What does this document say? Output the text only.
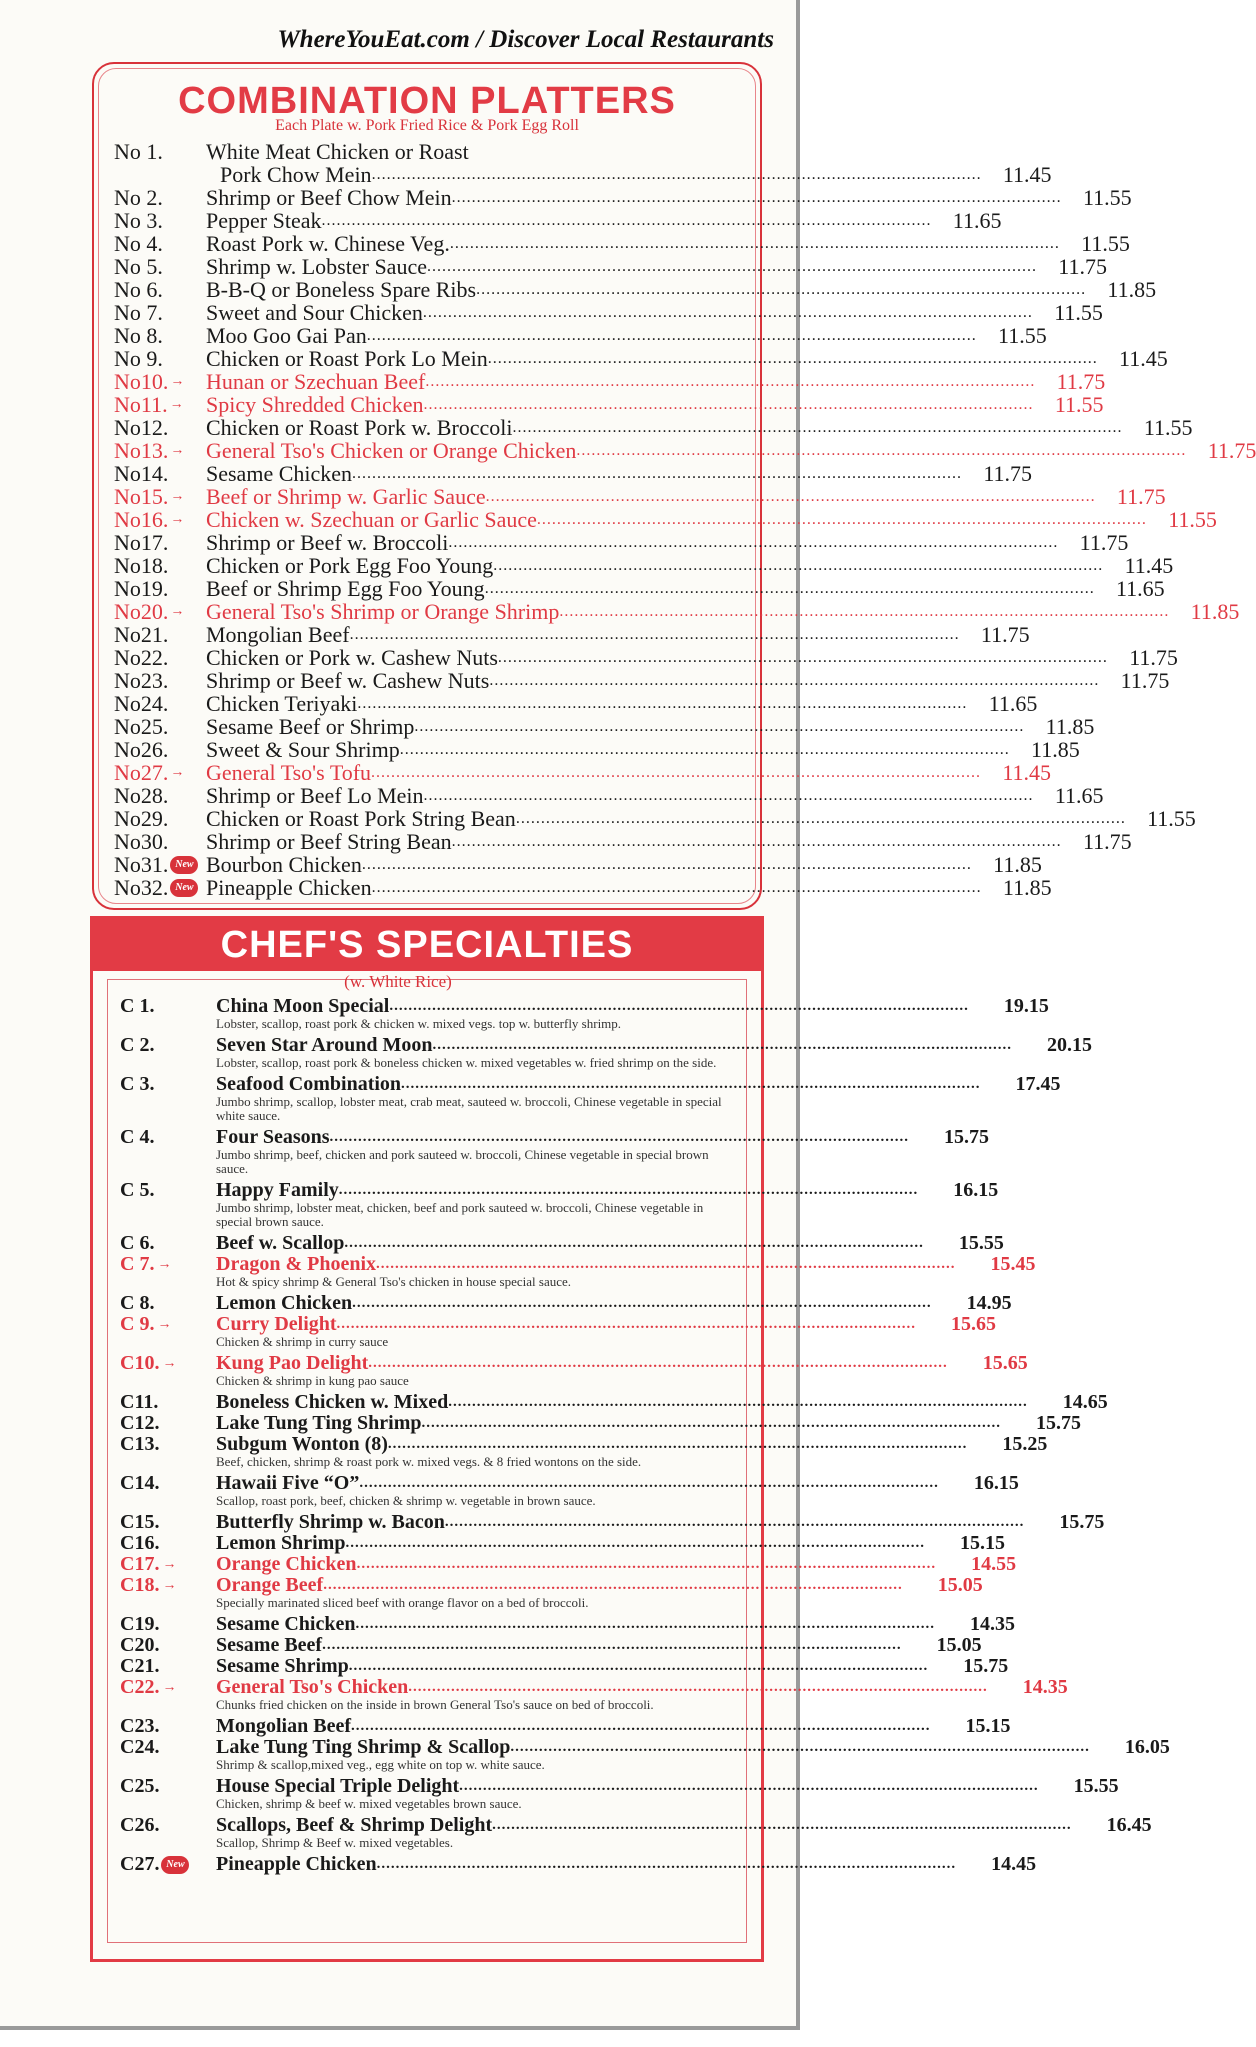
WhereYouEat.com / Discover Local Restaurants
COMBINATION PLATTERS
Each Plate w. Pork Fried Rice & Pork Egg Roll
No 1. White Meat Chicken or Roast
Pork Chow Mein .......................................................................................................................... 11.45
No 2. Shrimp or Beef Chow Mein .......................................................................................................................... 11.55
No 3. Pepper Steak .......................................................................................................................... 11.65
No 4. Roast Pork w. Chinese Veg. .......................................................................................................................... 11.55
No 5. Shrimp w. Lobster Sauce .......................................................................................................................... 11.75
No 6. B-B-Q or Boneless Spare Ribs .......................................................................................................................... 11.85
No 7. Sweet and Sour Chicken .......................................................................................................................... 11.55
No 8. Moo Goo Gai Pan .......................................................................................................................... 11.55
No 9. Chicken or Roast Pork Lo Mein .......................................................................................................................... 11.45
No10. → Hunan or Szechuan Beef .......................................................................................................................... 11.75
No11. → Spicy Shredded Chicken .......................................................................................................................... 11.55
No12. Chicken or Roast Pork w. Broccoli .......................................................................................................................... 11.55
No13. → General Tso's Chicken or Orange Chicken .......................................................................................................................... 11.75
No14. Sesame Chicken .......................................................................................................................... 11.75
No15. → Beef or Shrimp w. Garlic Sauce .......................................................................................................................... 11.75
No16. → Chicken w. Szechuan or Garlic Sauce .......................................................................................................................... 11.55
No17. Shrimp or Beef w. Broccoli .......................................................................................................................... 11.75
No18. Chicken or Pork Egg Foo Young .......................................................................................................................... 11.45
No19. Beef or Shrimp Egg Foo Young .......................................................................................................................... 11.65
No20. → General Tso's Shrimp or Orange Shrimp .......................................................................................................................... 11.85
No21. Mongolian Beef .......................................................................................................................... 11.75
No22. Chicken or Pork w. Cashew Nuts .......................................................................................................................... 11.75
No23. Shrimp or Beef w. Cashew Nuts .......................................................................................................................... 11.75
No24. Chicken Teriyaki .......................................................................................................................... 11.65
No25. Sesame Beef or Shrimp .......................................................................................................................... 11.85
No26. Sweet & Sour Shrimp .......................................................................................................................... 11.85
No27. → General Tso's Tofu .......................................................................................................................... 11.45
No28. Shrimp or Beef Lo Mein .......................................................................................................................... 11.65
No29. Chicken or Roast Pork String Bean .......................................................................................................................... 11.55
No30. Shrimp or Beef String Bean .......................................................................................................................... 11.75
No31. New Bourbon Chicken .......................................................................................................................... 11.85
No32. New Pineapple Chicken .......................................................................................................................... 11.85
CHEF'S SPECIALTIES
(w. White Rice)
C 1.	China Moon Special ..........................................................................................................................	19.15
Lobster, scallop, roast pork & chicken w. mixed vegs. top w. butterfly shrimp.
C 2.	Seven Star Around Moon ..........................................................................................................................	20.15
Lobster, scallop, roast pork & boneless chicken w. mixed vegetables w. fried shrimp on the side.
C 3.	Seafood Combination ..........................................................................................................................	17.45
Jumbo shrimp, scallop, lobster meat, crab meat, sauteed w. broccoli, Chinese vegetable in special white sauce.
C 4.	Four Seasons ..........................................................................................................................	15.75
Jumbo shrimp, beef, chicken and pork sauteed w. broccoli, Chinese vegetable in special brown sauce.
C 5.	Happy Family ..........................................................................................................................	16.15
Jumbo shrimp, lobster meat, chicken, beef and pork sauteed w. broccoli, Chinese vegetable in special brown sauce.
C 6.	Beef w. Scallop ..........................................................................................................................	15.55
C 7. → Dragon & Phoenix ..........................................................................................................................	15.45
Hot & spicy shrimp & General Tso's chicken in house special sauce.
C 8.	Lemon Chicken ..........................................................................................................................	14.95
C 9. → Curry Delight ..........................................................................................................................	15.65
Chicken & shrimp in curry sauce
C10. → Kung Pao Delight ..........................................................................................................................	15.65
Chicken & shrimp in kung pao sauce
C11.	Boneless Chicken w. Mixed ..........................................................................................................................	14.65
C12.	Lake Tung Ting Shrimp ..........................................................................................................................	15.75
C13.	Subgum Wonton (8) ..........................................................................................................................	15.25
Beef, chicken, shrimp & roast pork w. mixed vegs. & 8 fried wontons on the side.
C14.	Hawaii Five “O” ..........................................................................................................................	16.15
Scallop, roast pork, beef, chicken & shrimp w. vegetable in brown sauce.
C15.	Butterfly Shrimp w. Bacon ..........................................................................................................................	15.75
C16.	Lemon Shrimp ..........................................................................................................................	15.15
C17. → Orange Chicken ..........................................................................................................................	14.55
C18. → Orange Beef ..........................................................................................................................	15.05
Specially marinated sliced beef with orange flavor on a bed of broccoli.
C19.	Sesame Chicken ..........................................................................................................................	14.35
C20.	Sesame Beef ..........................................................................................................................	15.05
C21.	Sesame Shrimp ..........................................................................................................................	15.75
C22. → General Tso's Chicken ..........................................................................................................................	14.35
Chunks fried chicken on the inside in brown General Tso's sauce on bed of broccoli.
C23.	Mongolian Beef ..........................................................................................................................	15.15
C24.	Lake Tung Ting Shrimp & Scallop ..........................................................................................................................	16.05
Shrimp & scallop,mixed veg., egg white on top w. white sauce.
C25.	House Special Triple Delight ..........................................................................................................................	15.55
Chicken, shrimp & beef w. mixed vegetables brown sauce.
C26.	Scallops, Beef & Shrimp Delight ..........................................................................................................................	16.45
Scallop, Shrimp & Beef w. mixed vegetables.
C27. New Pineapple Chicken ..........................................................................................................................	14.45
